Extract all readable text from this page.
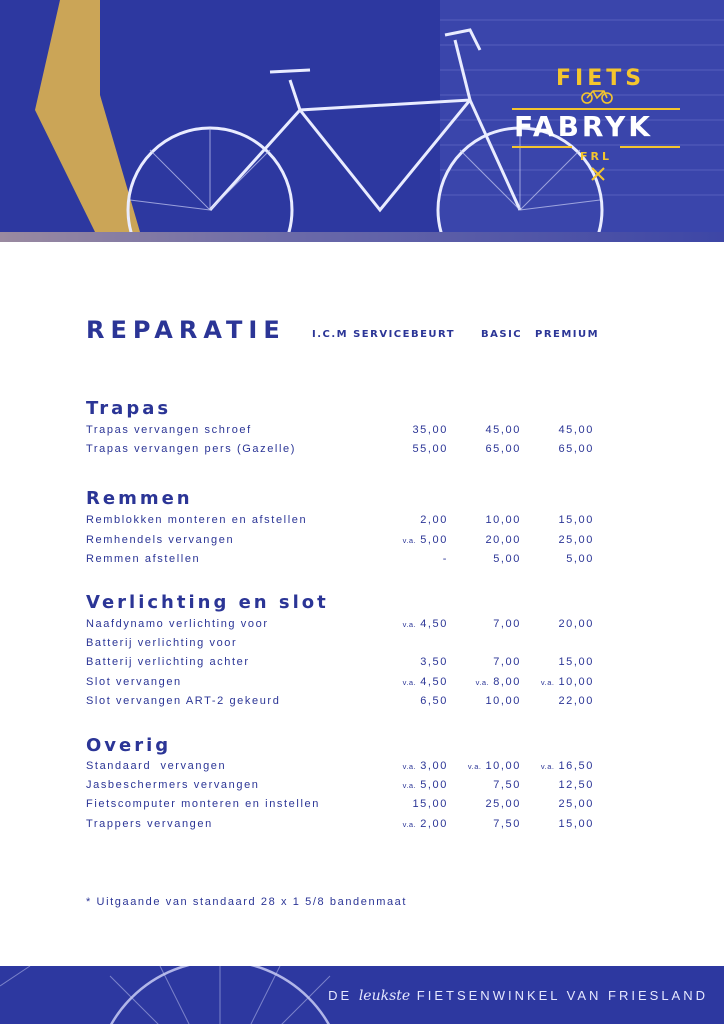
FIETS
FABRYK
FRL
REPARATIE	I.C.M SERVICEBEURT	BASIC PREMIUM
Trapas
Trapas vervangen schroef	35,00	45,00	45,00
Trapas vervangen pers (Gazelle)	55,00	65,00	65,00
Remmen
Remblokken monteren en afstellen	2,00	10,00	15,00
Remhendels vervangen	v.a. 5,00	20,00	25,00
Remmen afstellen	-	5,00	5,00
Verlichting en slot
Naafdynamo verlichting voor	v.a. 4,50	7,00	20,00
Batterij verlichting voor
Batterij verlichting achter	3,50	7,00	15,00
Slot vervangen	v.a. 4,50	v.a. 8,00	v.a. 10,00
Slot vervangen ART-2 gekeurd	6,50	10,00	22,00
Overig
Standaard  vervangen	v.a. 3,00	v.a. 10,00	v.a. 16,50
Jasbeschermers vervangen	v.a. 5,00	7,50	12,50
Fietscomputer monteren en instellen	15,00	25,00	25,00
Trappers vervangen	v.a. 2,00	7,50	15,00
* Uitgaande van standaard 28 x 1 5/8 bandenmaat
DE leukste FIETSENWINKEL VAN FRIESLAND
